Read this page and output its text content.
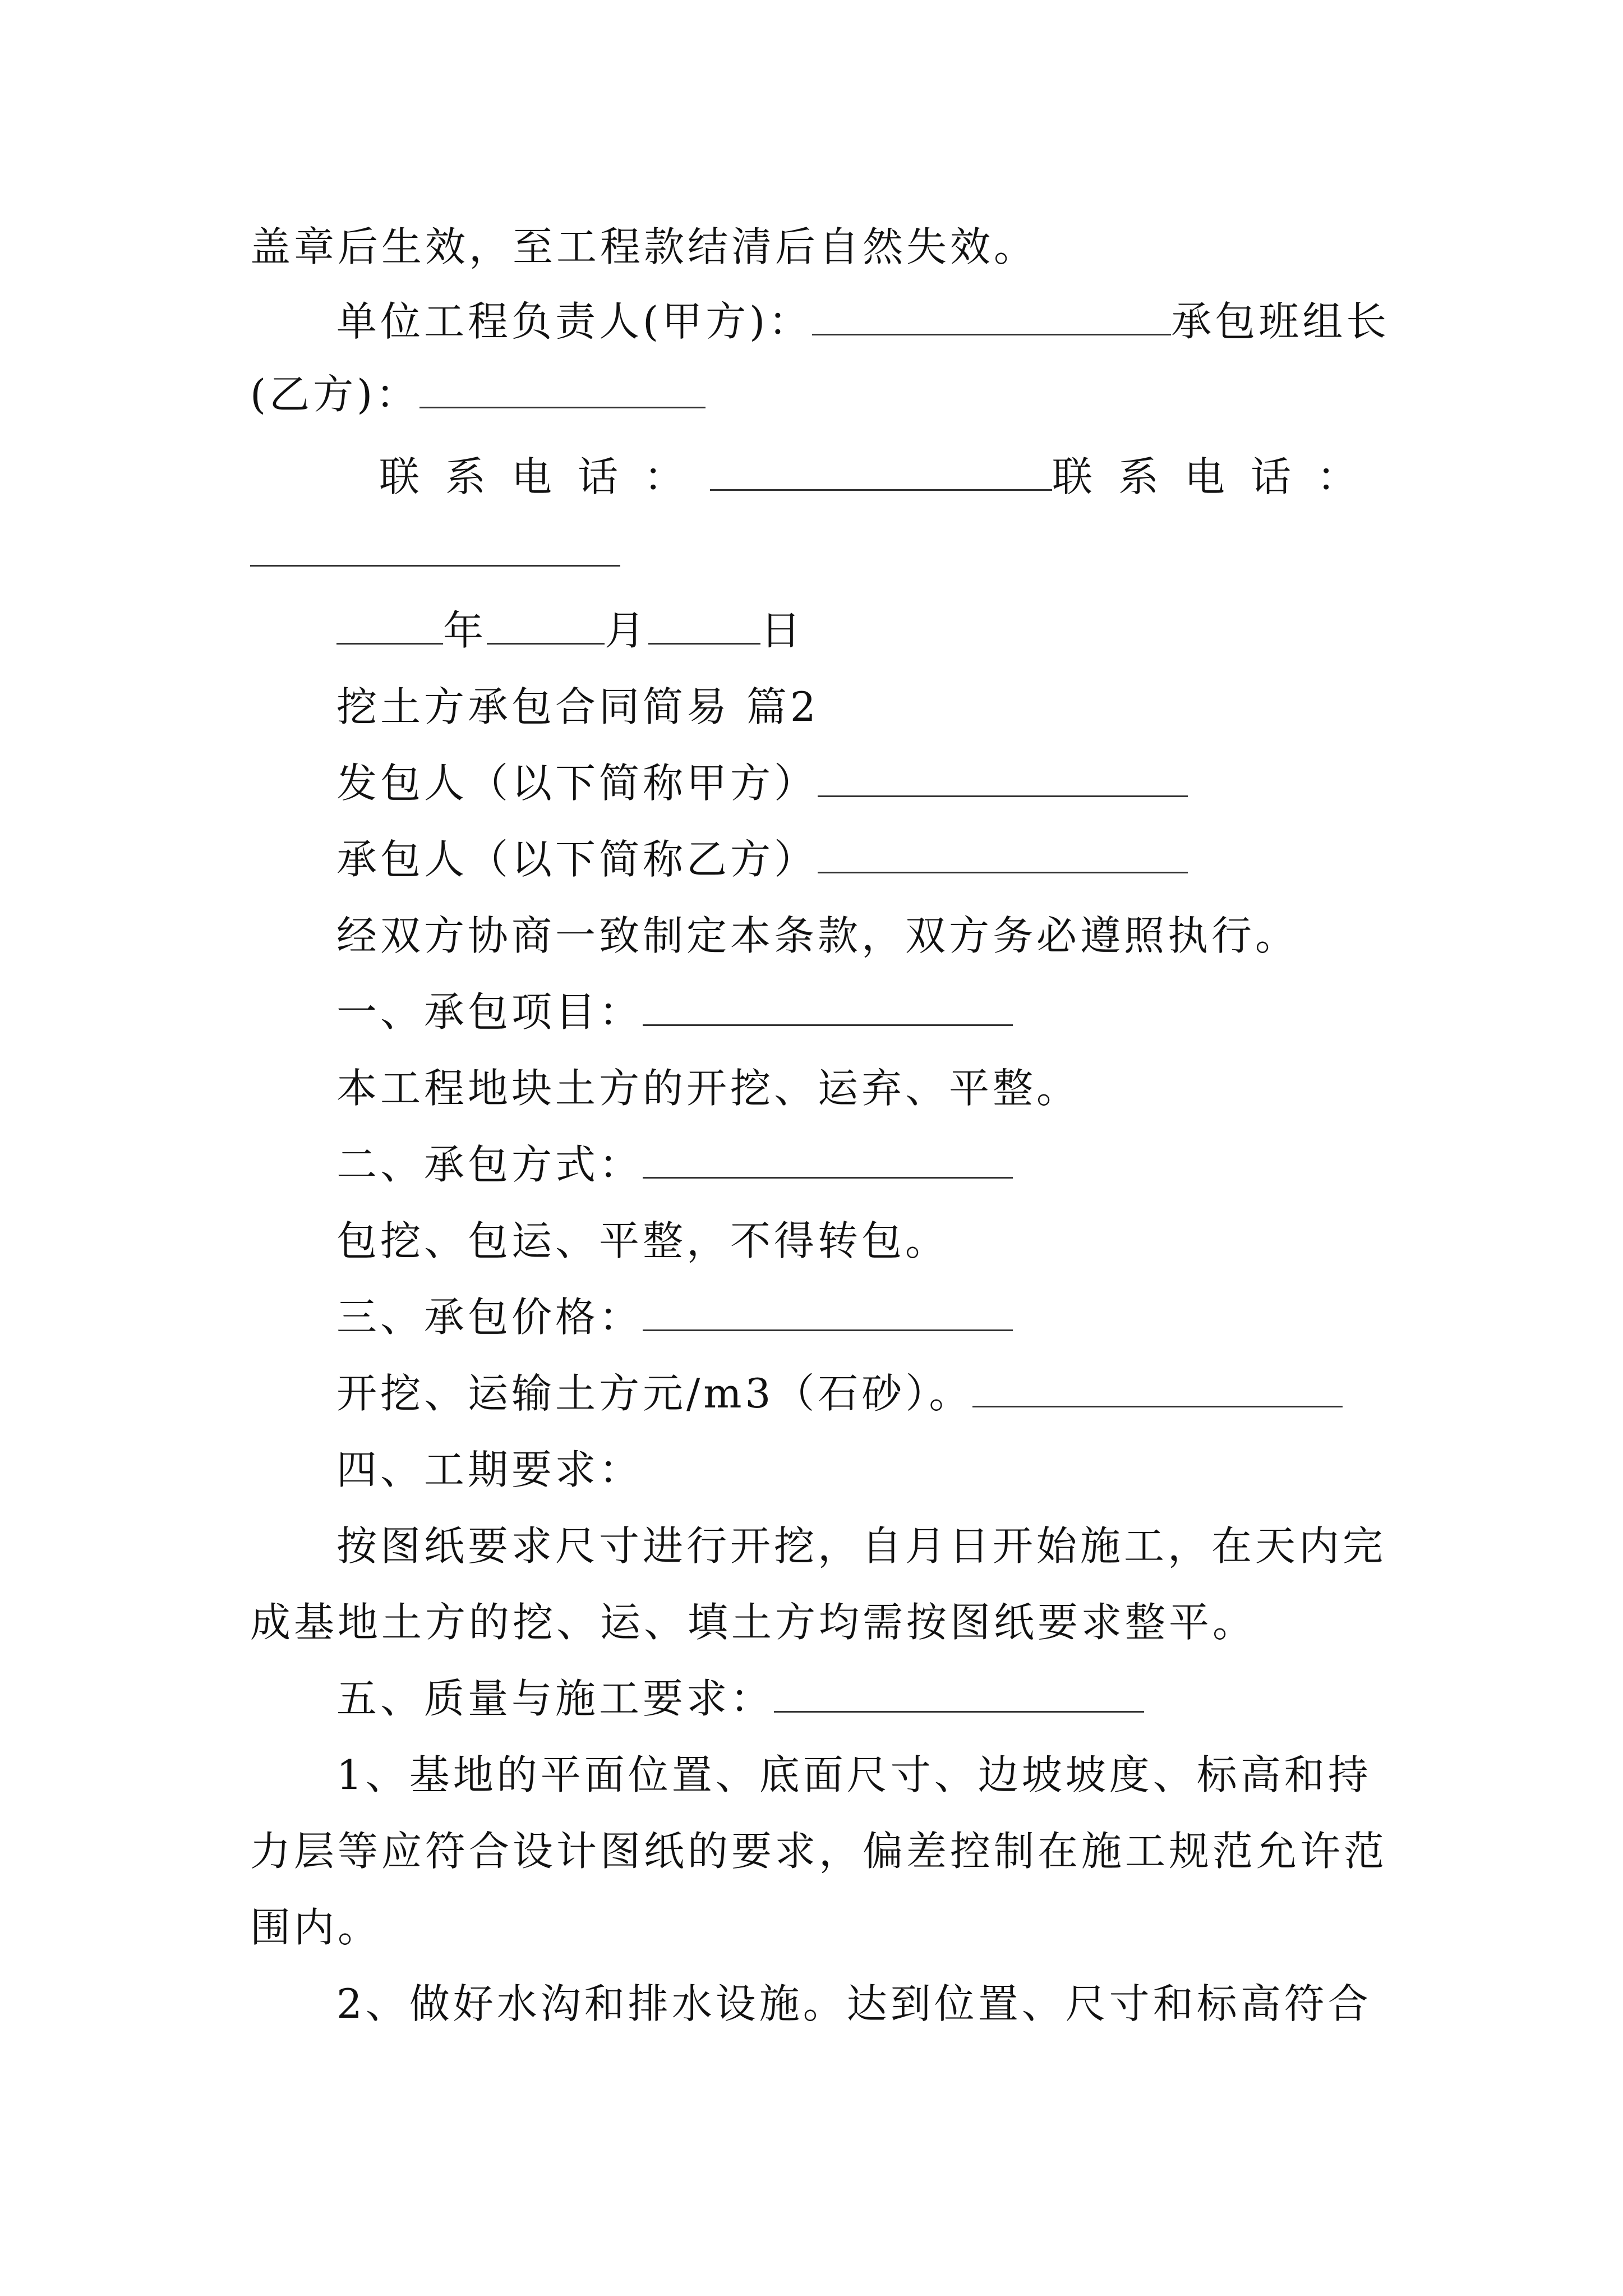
盖章后生效，至工程款结清后自然失效。
单位工程负责人(甲方)：	承包班组长
(乙方)：
联系电话：	联系电话：
年	月	日
挖土方承包合同简易 篇2
发包人（以下简称甲方）
承包人（以下简称乙方）
经双方协商一致制定本条款，双方务必遵照执行。
一、承包项目：
本工程地块土方的开挖、运弃、平整。
二、承包方式：
包挖、包运、平整，不得转包。
三、承包价格：
开挖、运输土方元/m3（石砂）。
四、工期要求：
按图纸要求尺寸进行开挖，自月日开始施工，在天内完
成基地土方的挖、运、填土方均需按图纸要求整平。
五、质量与施工要求：
1、基地的平面位置、底面尺寸、边坡坡度、标高和持
力层等应符合设计图纸的要求，偏差控制在施工规范允许范
围内。
2、做好水沟和排水设施。达到位置、尺寸和标高符合
